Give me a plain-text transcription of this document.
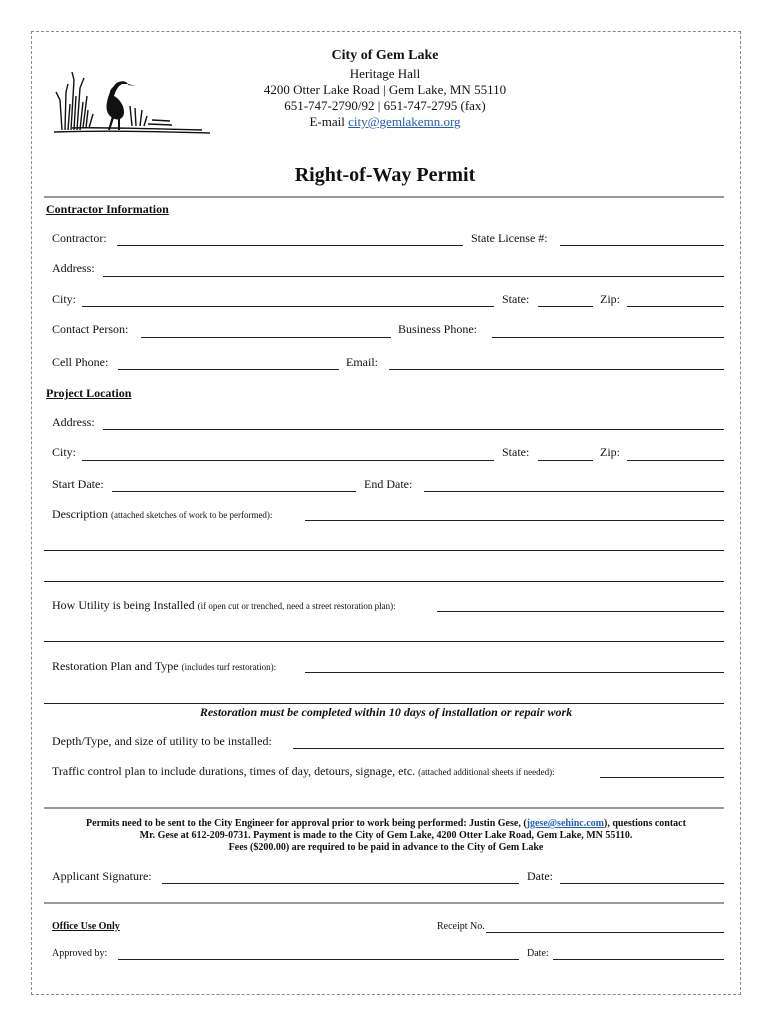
City of Gem Lake
Heritage Hall
4200 Otter Lake Road | Gem Lake, MN 55110
651-747-2790/92 | 651-747-2795 (fax)
E-mail city@gemlakemn.org
Right-of-Way Permit
Contractor Information
Contractor:	State License #:
Address:
City:	State:	Zip:
Contact Person:	Business Phone:
Cell Phone:	Email:
Project Location
Address:
City:	State:	Zip:
Start Date:	End Date:
Description (attached sketches of work to be performed):
How Utility is being Installed (if open cut or trenched, need a street restoration plan):
Restoration Plan and Type (includes turf restoration):
Restoration must be completed within 10 days of installation or repair work
Depth/Type, and size of utility to be installed:
Traffic control plan to include durations, times of day, detours, signage, etc. (attached additional sheets if needed):
Permits need to be sent to the City Engineer for approval prior to work being performed: Justin Gese, (jgese@sehinc.com), questions contact
Mr. Gese at 612-209-0731. Payment is made to the City of Gem Lake, 4200 Otter Lake Road, Gem Lake, MN 55110.
Fees ($200.00) are required to be paid in advance to the City of Gem Lake
Applicant Signature:	Date:
Office Use Only	Receipt No.
Approved by:	Date:
